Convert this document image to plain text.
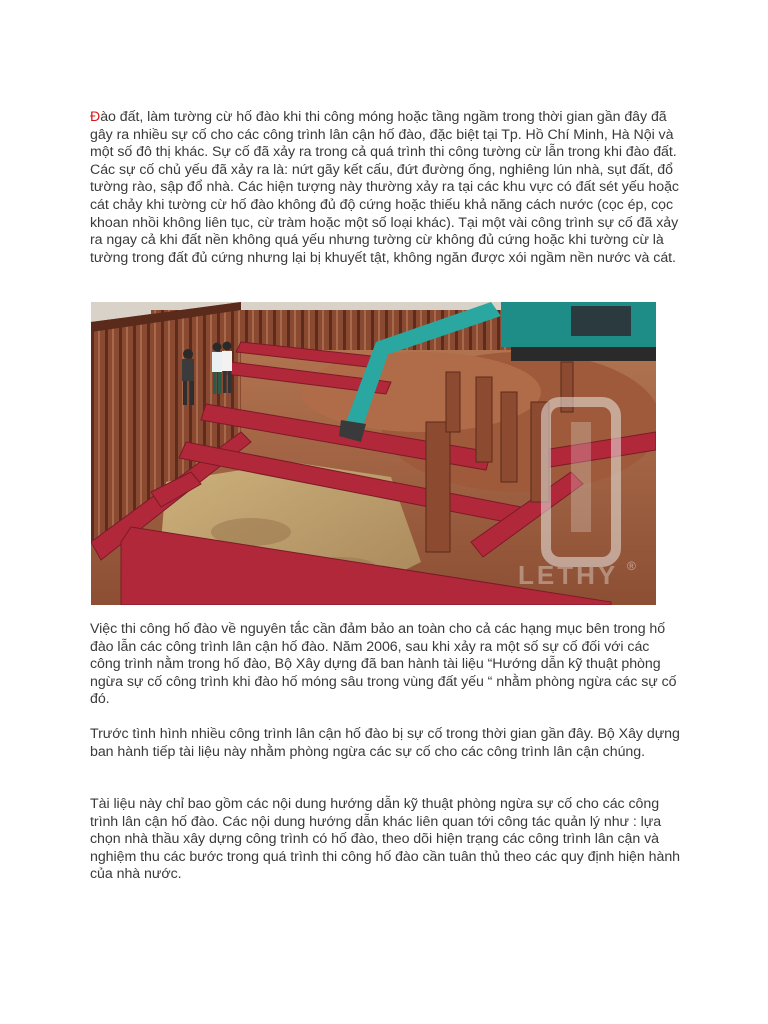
Đào đất, làm tường cừ hố đào khi thi công móng hoặc tầng ngầm trong thời gian gần đây đã gây ra nhiều sự cố cho các công trình lân cận hố đào, đặc biệt tại Tp. Hồ Chí Minh, Hà Nội và một số đô thị khác. Sự cố đã xảy ra trong cả quá trình thi công tường cừ lẫn trong khi đào đất. Các sự cố chủ yếu đã xảy ra là: nứt gãy kết cấu, đứt đường ống, nghiêng lún nhà, sụt đất, đổ tường rào, sập đổ nhà. Các hiện tượng này thường xảy ra tại các khu vực có đất sét yếu hoặc cát chảy khi tường cừ hố đào không đủ độ cứng hoặc thiếu khả năng cách nước (cọc ép, cọc khoan nhồi không liên tục, cừ tràm hoặc một số loại khác). Tại một vài công trình sự cố đã xảy ra ngay cả khi đất nền không quá yếu nhưng tường cừ không đủ cứng hoặc khi tường cừ là tường trong đất đủ cứng nhưng lại bị khuyết tật, không ngăn được xói ngầm nền nước và cát.

LETHY ®

Việc thi công hố đào về nguyên tắc cần đảm bảo an toàn cho cả các hạng mục bên trong hố đào lẫn các công trình lân cận hố đào. Năm 2006, sau khi xảy ra một số sự cố đối với các công trình nằm trong hố đào, Bộ Xây dựng đã ban hành tài liệu “Hướng dẫn kỹ thuật phòng ngừa sự cố công trình khi đào hố móng sâu trong vùng đất yếu “ nhằm phòng ngừa các sự cố đó.

Trước tình hình nhiều công trình lân cận hố đào bị sự cố trong thời gian gần đây. Bộ Xây dựng ban hành tiếp tài liệu này nhằm phòng ngừa các sự cố cho các công trình lân cận chúng.

Tài liệu này chỉ bao gồm các nội dung hướng dẫn kỹ thuật phòng ngừa sự cố cho các công trình lân cận hố đào. Các nội dung hướng dẫn khác liên quan tới công tác quản lý như : lựa chọn nhà thầu xây dựng công trình có hố đào, theo dõi hiện trạng các công trình lân cận và nghiệm thu các bước trong quá trình thi công hố đào cần tuân thủ theo các quy định hiện hành của nhà nước.
